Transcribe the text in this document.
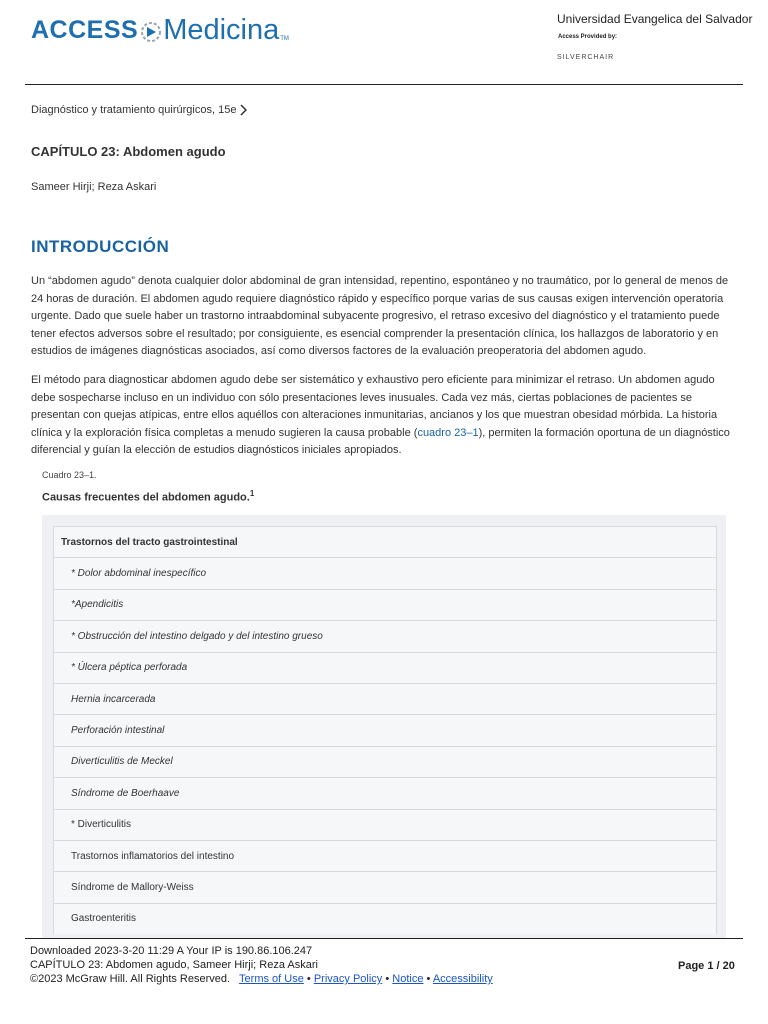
ACCESS Medicina TM
Universidad Evangelica del Salvador
Access Provided by:
SILVERCHAIR
Diagnóstico y tratamiento quirúrgicos, 15e
CAPÍTULO 23: Abdomen agudo
Sameer Hirji; Reza Askari
INTRODUCCIÓN

Un “abdomen agudo” denota cualquier dolor abdominal de gran intensidad, repentino, espontáneo y no traumático, por lo general de menos de 24 horas de duración. El abdomen agudo requiere diagnóstico rápido y específico porque varias de sus causas exigen intervención operatoria urgente. Dado que suele haber un trastorno intraabdominal subyacente progresivo, el retraso excesivo del diagnóstico y el tratamiento puede tener efectos adversos sobre el resultado; por consiguiente, es esencial comprender la presentación clínica, los hallazgos de laboratorio y en estudios de imágenes diagnósticas asociados, así como diversos factores de la evaluación preoperatoria del abdomen agudo.

El método para diagnosticar abdomen agudo debe ser sistemático y exhaustivo pero eficiente para minimizar el retraso. Un abdomen agudo debe sospecharse incluso en un individuo con sólo presentaciones leves inusuales. Cada vez más, ciertas poblaciones de pacientes se presentan con quejas atípicas, entre ellos aquéllos con alteraciones inmunitarias, ancianos y los que muestran obesidad mórbida. La historia clínica y la exploración física completas a menudo sugieren la causa probable (cuadro 23–1), permiten la formación oportuna de un diagnóstico diferencial y guían la elección de estudios diagnósticos iniciales apropiados.

Cuadro 23–1.
Causas frecuentes del abdomen agudo.$^1$
Trastornos del tracto gastrointestinal
* Dolor abdominal inespecífico
*Apendicitis
* Obstrucción del intestino delgado y del intestino grueso
* Úlcera péptica perforada
Hernia incarcerada
Perforación intestinal
Diverticulitis de Meckel
Síndrome de Boerhaave
* Diverticulitis
Trastornos inflamatorios del intestino
Síndrome de Mallory-Weiss
Gastroenteritis
Downloaded 2023-3-20 11:29 A Your IP is 190.86.106.247
CAPÍTULO 23: Abdomen agudo, Sameer Hirji; Reza Askari
©2023 McGraw Hill. All Rights Reserved. Terms of Use • Privacy Policy • Notice • Accessibility
Page 1 / 20
